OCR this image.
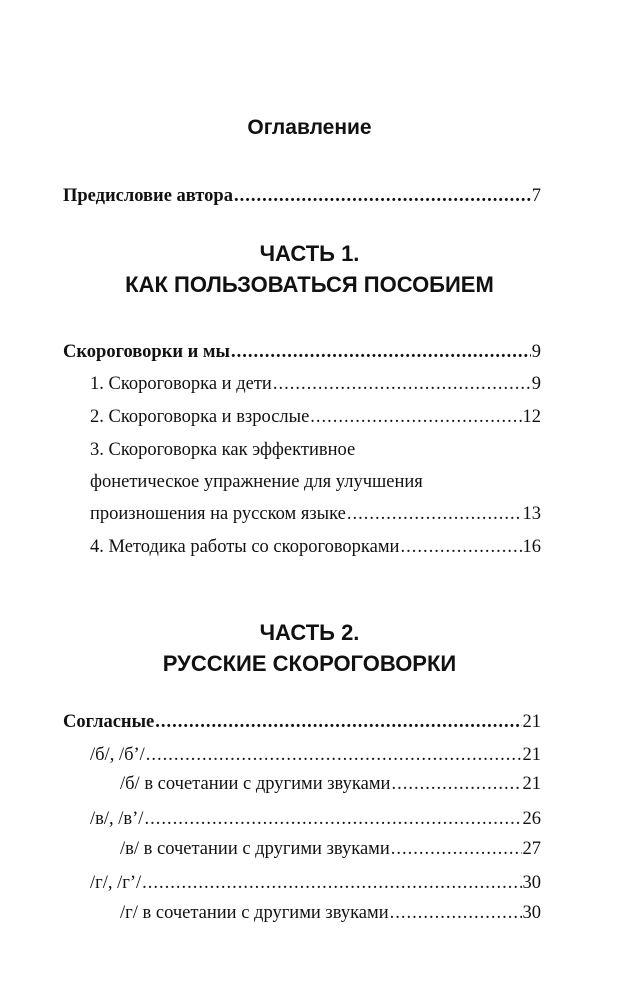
Оглавление
Предисловие автора .....	7
ЧАСТЬ 1.
КАК ПОЛЬЗОВАТЬСЯ ПОСОБИЕМ
Скороговорки и мы .....	9
1. Скороговорка и дети .....	9
2. Скороговорка и взрослые .....	12
3. Скороговорка как эффективное
фонетическое упражнение для улучшения
произношения на русском языке .....	13
4. Методика работы со скороговорками .....	16
ЧАСТЬ 2.
РУССКИЕ СКОРОГОВОРКИ
Согласные .....	21
/б/, /б’/ .....	21
/б/ в сочетании с другими звуками .....	21
/в/, /в’/ .....	26
/в/ в сочетании с другими звуками .....	27
/г/, /г’/ .....	30
/г/ в сочетании с другими звуками .....	30
